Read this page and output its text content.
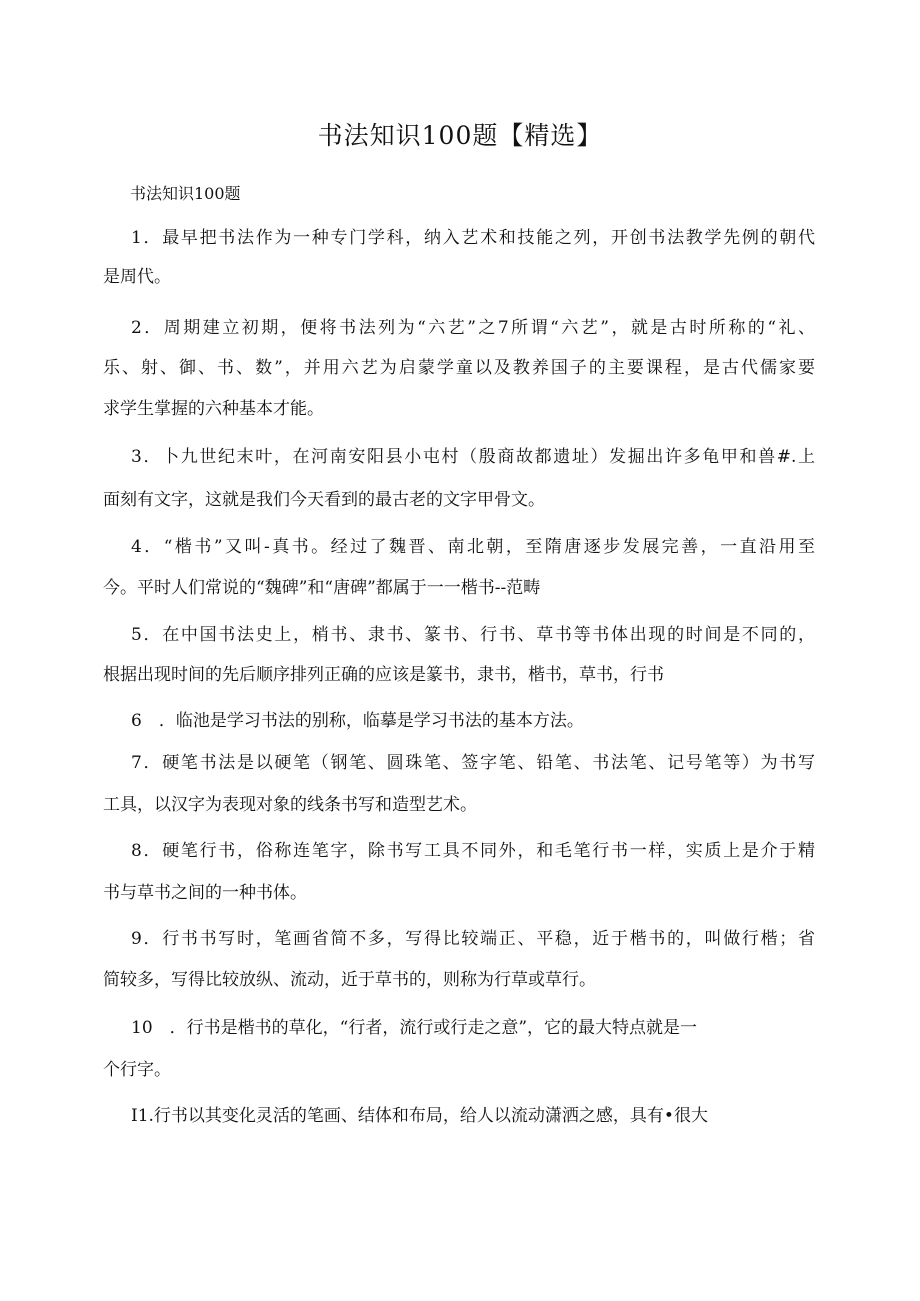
书法知识100题【精选】
书法知识100题
1．最早把书法作为一种专门学科，纳入艺术和技能之列，开创书法教学先例的朝代
是周代。
2．周期建立初期，便将书法列为“六艺”之7所谓“六艺”，就是古时所称的“礼、
乐、射、御、书、数”，并用六艺为启蒙学童以及教养国子的主要课程，是古代儒家要
求学生掌握的六种基本才能。
3．卜九世纪末叶，在河南安阳县小屯村（殷商故都遗址）发掘出许多龟甲和兽#.上
面刻有文字，这就是我们今天看到的最古老的文字甲骨文。
4．“楷书”又叫-真书。经过了魏晋、南北朝，至隋唐逐步发展完善，一直沿用至
今。平时人们常说的“魏碑”和“唐碑”都属于一一楷书--范畴
5．在中国书法史上，梢书、隶书、篆书、行书、草书等书体出现的时间是不同的，
根据出现时间的先后顺序排列正确的应该是篆书，隶书，楷书，草书，行书
6　．临池是学习书法的别称，临摹是学习书法的基本方法。
7．硬笔书法是以硬笔（钢笔、圆珠笔、签字笔、铅笔、书法笔、记号笔等）为书写
工具，以汉字为表现对象的线条书写和造型艺术。
8．硬笔行书，俗称连笔字，除书写工具不同外，和毛笔行书一样，实质上是介于精
书与草书之间的一种书体。
9．行书书写时，笔画省简不多，写得比较端正、平稳，近于楷书的，叫做行楷；省
简较多，写得比较放纵、流动，近于草书的，则称为行草或草行。
10　．行书是楷书的草化，“行者，流行或行走之意”，它的最大特点就是一
个行字。
I1.行书以其变化灵活的笔画、结体和布局，给人以流动潇洒之感，具有•很大
